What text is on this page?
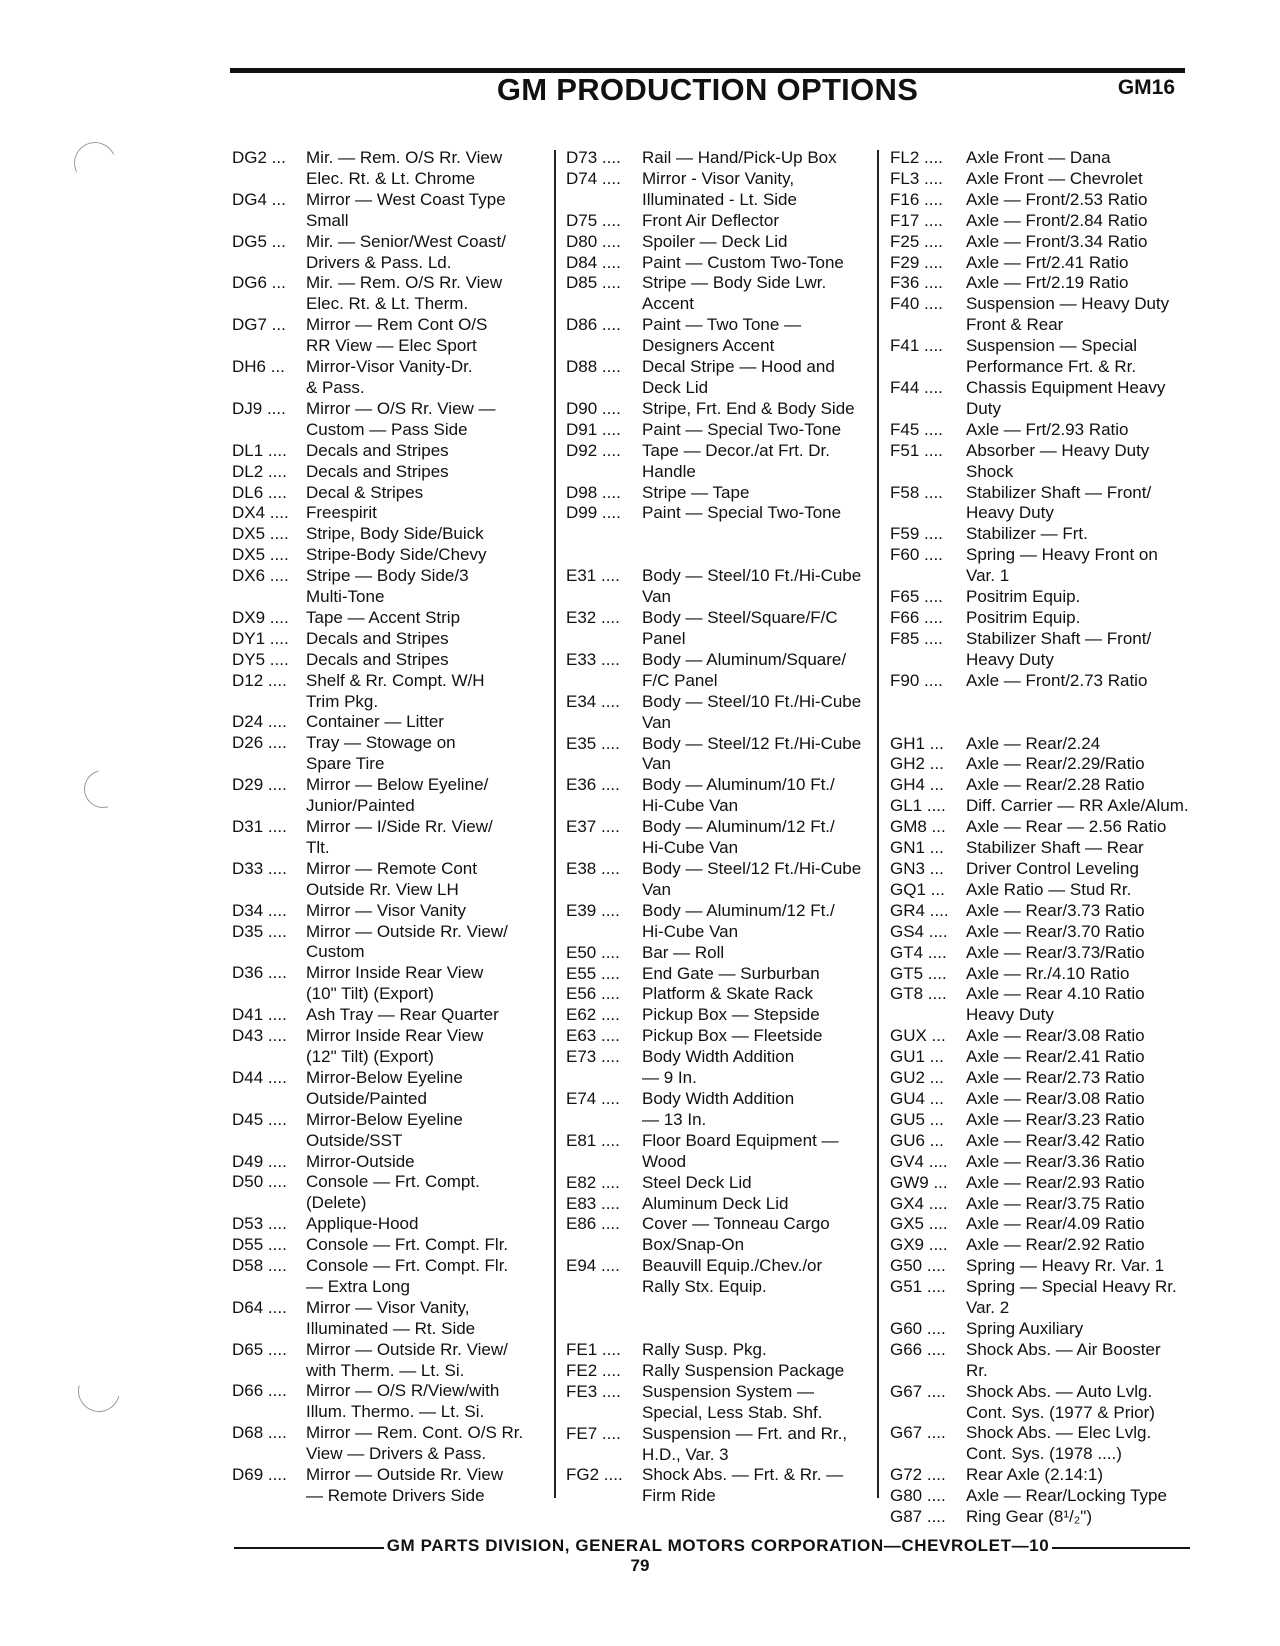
GM PRODUCTION OPTIONS	GM16
DG2 ...	Mir. — Rem. O/S Rr. View
Elec. Rt. & Lt. Chrome
DG4 ...	Mirror — West Coast Type
Small
DG5 ...	Mir. — Senior/West Coast/
Drivers & Pass. Ld.
DG6 ...	Mir. — Rem. O/S Rr. View
Elec. Rt. & Lt. Therm.
DG7 ...	Mirror — Rem Cont O/S
RR View — Elec Sport
DH6 ...	Mirror-Visor Vanity-Dr.
& Pass.
DJ9 ....	Mirror — O/S Rr. View —
Custom — Pass Side
DL1 ....	Decals and Stripes
DL2 ....	Decals and Stripes
DL6 ....	Decal & Stripes
DX4 ....	Freespirit
DX5 ....	Stripe, Body Side/Buick
DX5 ....	Stripe-Body Side/Chevy
DX6 ....	Stripe — Body Side/3
Multi-Tone
DX9 ....	Tape — Accent Strip
DY1 ....	Decals and Stripes
DY5 ....	Decals and Stripes
D12 ....	Shelf & Rr. Compt. W/H
Trim Pkg.
D24 ....	Container — Litter
D26 ....	Tray — Stowage on
Spare Tire
D29 ....	Mirror — Below Eyeline/
Junior/Painted
D31 ....	Mirror — I/Side Rr. View/
Tlt.
D33 ....	Mirror — Remote Cont
Outside Rr. View LH
D34 ....	Mirror — Visor Vanity
D35 ....	Mirror — Outside Rr. View/
Custom
D36 ....	Mirror Inside Rear View
(10" Tilt) (Export)
D41 ....	Ash Tray — Rear Quarter
D43 ....	Mirror Inside Rear View
(12" Tilt) (Export)
D44 ....	Mirror-Below Eyeline
Outside/Painted
D45 ....	Mirror-Below Eyeline
Outside/SST
D49 ....	Mirror-Outside
D50 ....	Console — Frt. Compt.
(Delete)
D53 ....	Applique-Hood
D55 ....	Console — Frt. Compt. Flr.
D58 ....	Console — Frt. Compt. Flr.
— Extra Long
D64 ....	Mirror — Visor Vanity,
Illuminated — Rt. Side
D65 ....	Mirror — Outside Rr. View/
with Therm. — Lt. Si.
D66 ....	Mirror — O/S R/View/with
Illum. Thermo. — Lt. Si.
D68 ....	Mirror — Rem. Cont. O/S Rr.
View — Drivers & Pass.
D69 ....	Mirror — Outside Rr. View
— Remote Drivers Side
D73 ....	Rail — Hand/Pick-Up Box
D74 ....	Mirror - Visor Vanity,
Illuminated - Lt. Side
D75 ....	Front Air Deflector
D80 ....	Spoiler — Deck Lid
D84 ....	Paint — Custom Two-Tone
D85 ....	Stripe — Body Side Lwr.
Accent
D86 ....	Paint — Two Tone —
Designers Accent
D88 ....	Decal Stripe — Hood and
Deck Lid
D90 ....	Stripe, Frt. End & Body Side
D91 ....	Paint — Special Two-Tone
D92 ....	Tape — Decor./at Frt. Dr.
Handle
D98 ....	Stripe — Tape
D99 ....	Paint — Special Two-Tone
E31 ....	Body — Steel/10 Ft./Hi-Cube
Van
E32 ....	Body — Steel/Square/F/C
Panel
E33 ....	Body — Aluminum/Square/
F/C Panel
E34 ....	Body — Steel/10 Ft./Hi-Cube
Van
E35 ....	Body — Steel/12 Ft./Hi-Cube
Van
E36 ....	Body — Aluminum/10 Ft./
Hi-Cube Van
E37 ....	Body — Aluminum/12 Ft./
Hi-Cube Van
E38 ....	Body — Steel/12 Ft./Hi-Cube
Van
E39 ....	Body — Aluminum/12 Ft./
Hi-Cube Van
E50 ....	Bar — Roll
E55 ....	End Gate — Surburban
E56 ....	Platform & Skate Rack
E62 ....	Pickup Box — Stepside
E63 ....	Pickup Box — Fleetside
E73 ....	Body Width Addition
— 9 In.
E74 ....	Body Width Addition
— 13 In.
E81 ....	Floor Board Equipment —
Wood
E82 ....	Steel Deck Lid
E83 ....	Aluminum Deck Lid
E86 ....	Cover — Tonneau Cargo
Box/Snap-On
E94 ....	Beauvill Equip./Chev./or
Rally Stx. Equip.
FE1 ....	Rally Susp. Pkg.
FE2 ....	Rally Suspension Package
FE3 ....	Suspension System —
Special, Less Stab. Shf.
FE7 ....	Suspension — Frt. and Rr.,
H.D., Var. 3
FG2 ....	Shock Abs. — Frt. & Rr. —
Firm Ride
FL2 ....	Axle Front — Dana
FL3 ....	Axle Front — Chevrolet
F16 ....	Axle — Front/2.53 Ratio
F17 ....	Axle — Front/2.84 Ratio
F25 ....	Axle — Front/3.34 Ratio
F29 ....	Axle — Frt/2.41 Ratio
F36 ....	Axle — Frt/2.19 Ratio
F40 ....	Suspension — Heavy Duty
Front & Rear
F41 ....	Suspension — Special
Performance Frt. & Rr.
F44 ....	Chassis Equipment Heavy
Duty
F45 ....	Axle — Frt/2.93 Ratio
F51 ....	Absorber — Heavy Duty
Shock
F58 ....	Stabilizer Shaft — Front/
Heavy Duty
F59 ....	Stabilizer — Frt.
F60 ....	Spring — Heavy Front on
Var. 1
F65 ....	Positrim Equip.
F66 ....	Positrim Equip.
F85 ....	Stabilizer Shaft — Front/
Heavy Duty
F90 ....	Axle — Front/2.73 Ratio
GH1 ...	Axle — Rear/2.24
GH2 ...	Axle — Rear/2.29/Ratio
GH4 ...	Axle — Rear/2.28 Ratio
GL1 ....	Diff. Carrier — RR Axle/Alum.
GM8 ...	Axle — Rear — 2.56 Ratio
GN1 ...	Stabilizer Shaft — Rear
GN3 ...	Driver Control Leveling
GQ1 ...	Axle Ratio — Stud Rr.
GR4 ....	Axle — Rear/3.73 Ratio
GS4 ....	Axle — Rear/3.70 Ratio
GT4 ....	Axle — Rear/3.73/Ratio
GT5 ....	Axle — Rr./4.10 Ratio
GT8 ....	Axle — Rear 4.10 Ratio
Heavy Duty
GUX ...	Axle — Rear/3.08 Ratio
GU1 ...	Axle — Rear/2.41 Ratio
GU2 ...	Axle — Rear/2.73 Ratio
GU4 ...	Axle — Rear/3.08 Ratio
GU5 ...	Axle — Rear/3.23 Ratio
GU6 ...	Axle — Rear/3.42 Ratio
GV4 ....	Axle — Rear/3.36 Ratio
GW9 ...	Axle — Rear/2.93 Ratio
GX4 ....	Axle — Rear/3.75 Ratio
GX5 ....	Axle — Rear/4.09 Ratio
GX9 ....	Axle — Rear/2.92 Ratio
G50 ....	Spring — Heavy Rr. Var. 1
G51 ....	Spring — Special Heavy Rr.
Var. 2
G60 ....	Spring Auxiliary
G66 ....	Shock Abs. — Air Booster
Rr.
G67 ....	Shock Abs. — Auto Lvlg.
Cont. Sys. (1977 & Prior)
G67 ....	Shock Abs. — Elec Lvlg.
Cont. Sys. (1978 ....)
G72 ....	Rear Axle (2.14:1)
G80 ....	Axle — Rear/Locking Type
G87 ....	Ring Gear (8¹/₂")
GM PARTS DIVISION, GENERAL MOTORS CORPORATION—CHEVROLET—10
79
